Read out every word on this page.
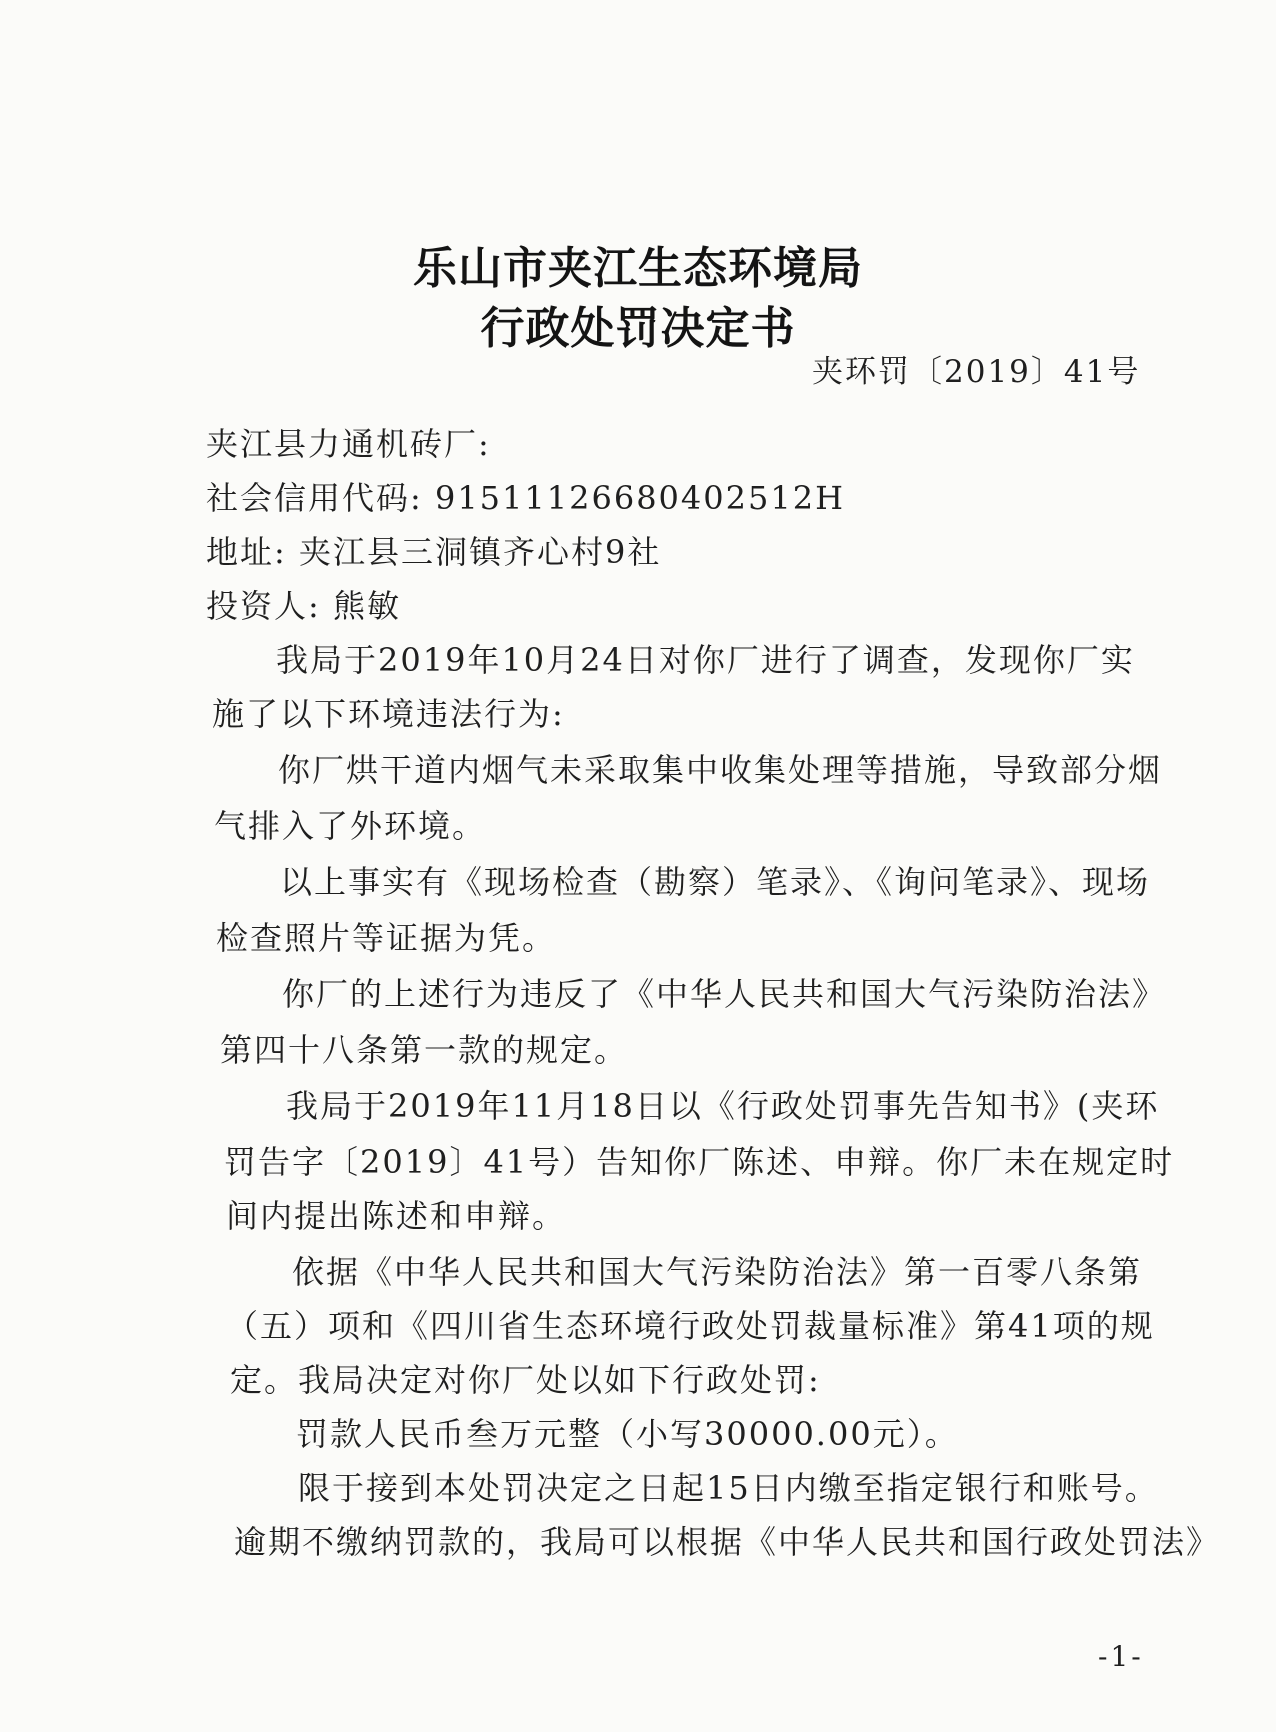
乐山市夹江生态环境局
行政处罚决定书
夹环罚〔2019〕41号
夹江县力通机砖厂:
社会信用代码: 91511126680402512H
地址: 夹江县三洞镇齐心村9社
投资人: 熊敏
我局于2019年10月24日对你厂进行了调查，发现你厂实
施了以下环境违法行为:
你厂烘干道内烟气未采取集中收集处理等措施，导致部分烟
气排入了外环境。
以上事实有《现场检查（勘察）笔录》、《询问笔录》、现场
检查照片等证据为凭。
你厂的上述行为违反了《中华人民共和国大气污染防治法》
第四十八条第一款的规定。
我局于2019年11月18日以《行政处罚事先告知书》(夹环
罚告字〔2019〕41号）告知你厂陈述、申辩。你厂未在规定时
间内提出陈述和申辩。
依据《中华人民共和国大气污染防治法》第一百零八条第
（五）项和《四川省生态环境行政处罚裁量标准》第41项的规
定。我局决定对你厂处以如下行政处罚:
罚款人民币叁万元整（小写30000.00元）。
限于接到本处罚决定之日起15日内缴至指定银行和账号。
逾期不缴纳罚款的，我局可以根据《中华人民共和国行政处罚法》
-1-
